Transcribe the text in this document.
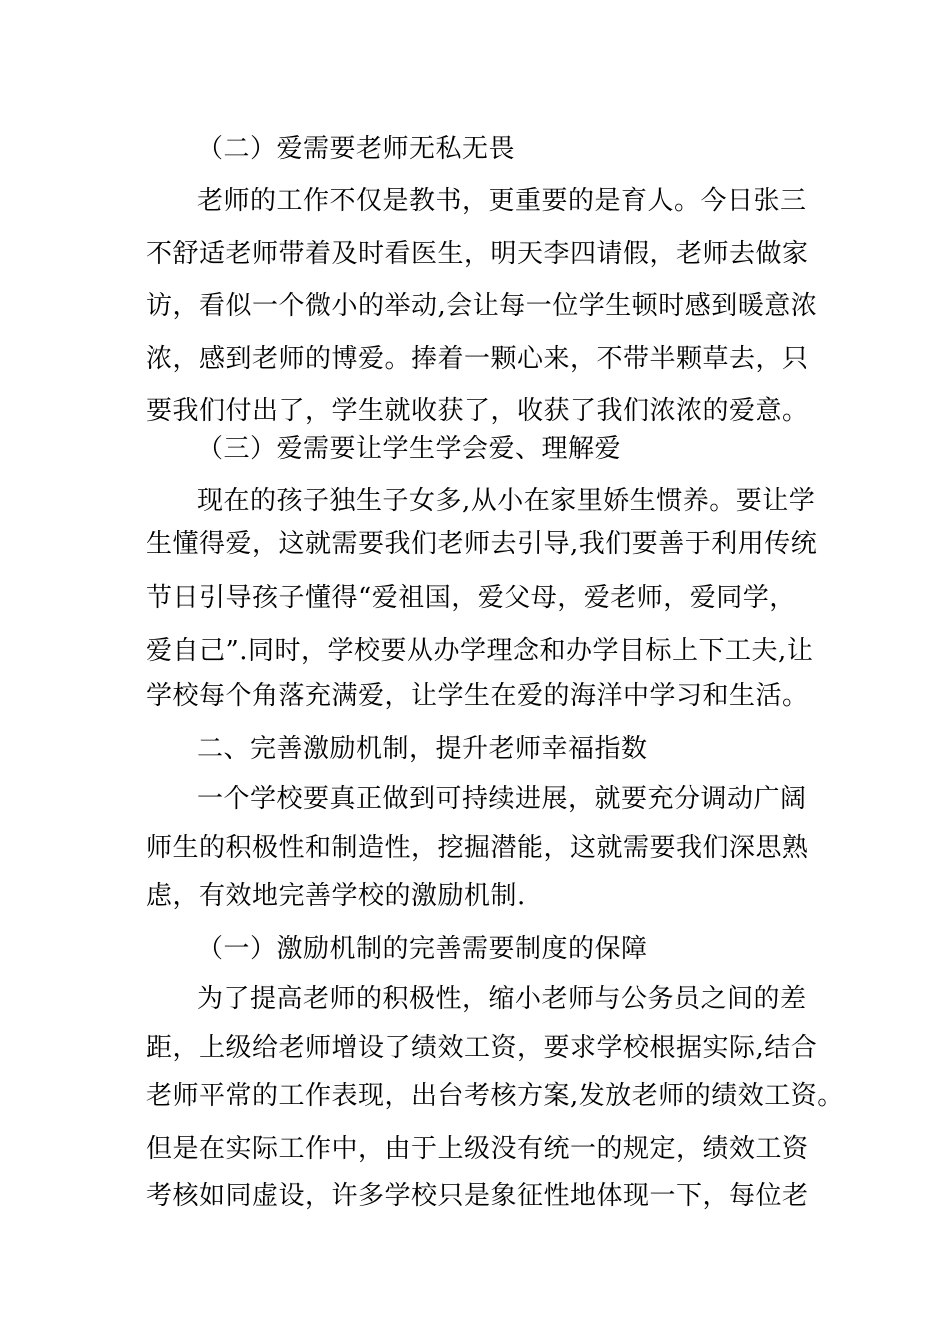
（二）爱需要老师无私无畏
老师的工作不仅是教书，更重要的是育人。今日张三
不舒适老师带着及时看医生，明天李四请假，老师去做家
访，看似一个微小的举动,会让每一位学生顿时感到暖意浓
浓，感到老师的博爱。捧着一颗心来，不带半颗草去，只
要我们付出了，学生就收获了，收获了我们浓浓的爱意。
（三）爱需要让学生学会爱、理解爱
现在的孩子独生子女多,从小在家里娇生惯养。要让学
生懂得爱，这就需要我们老师去引导,我们要善于利用传统
节日引导孩子懂得“爱祖国，爱父母，爱老师，爱同学，
爱自己”.同时，学校要从办学理念和办学目标上下工夫,让
学校每个角落充满爱，让学生在爱的海洋中学习和生活。
二、完善激励机制，提升老师幸福指数
一个学校要真正做到可持续进展，就要充分调动广阔
师生的积极性和制造性，挖掘潜能，这就需要我们深思熟
虑，有效地完善学校的激励机制.
（一）激励机制的完善需要制度的保障
为了提高老师的积极性，缩小老师与公务员之间的差
距，上级给老师增设了绩效工资，要求学校根据实际,结合
老师平常的工作表现，出台考核方案,发放老师的绩效工资。
但是在实际工作中，由于上级没有统一的规定，绩效工资
考核如同虚设，许多学校只是象征性地体现一下，每位老
